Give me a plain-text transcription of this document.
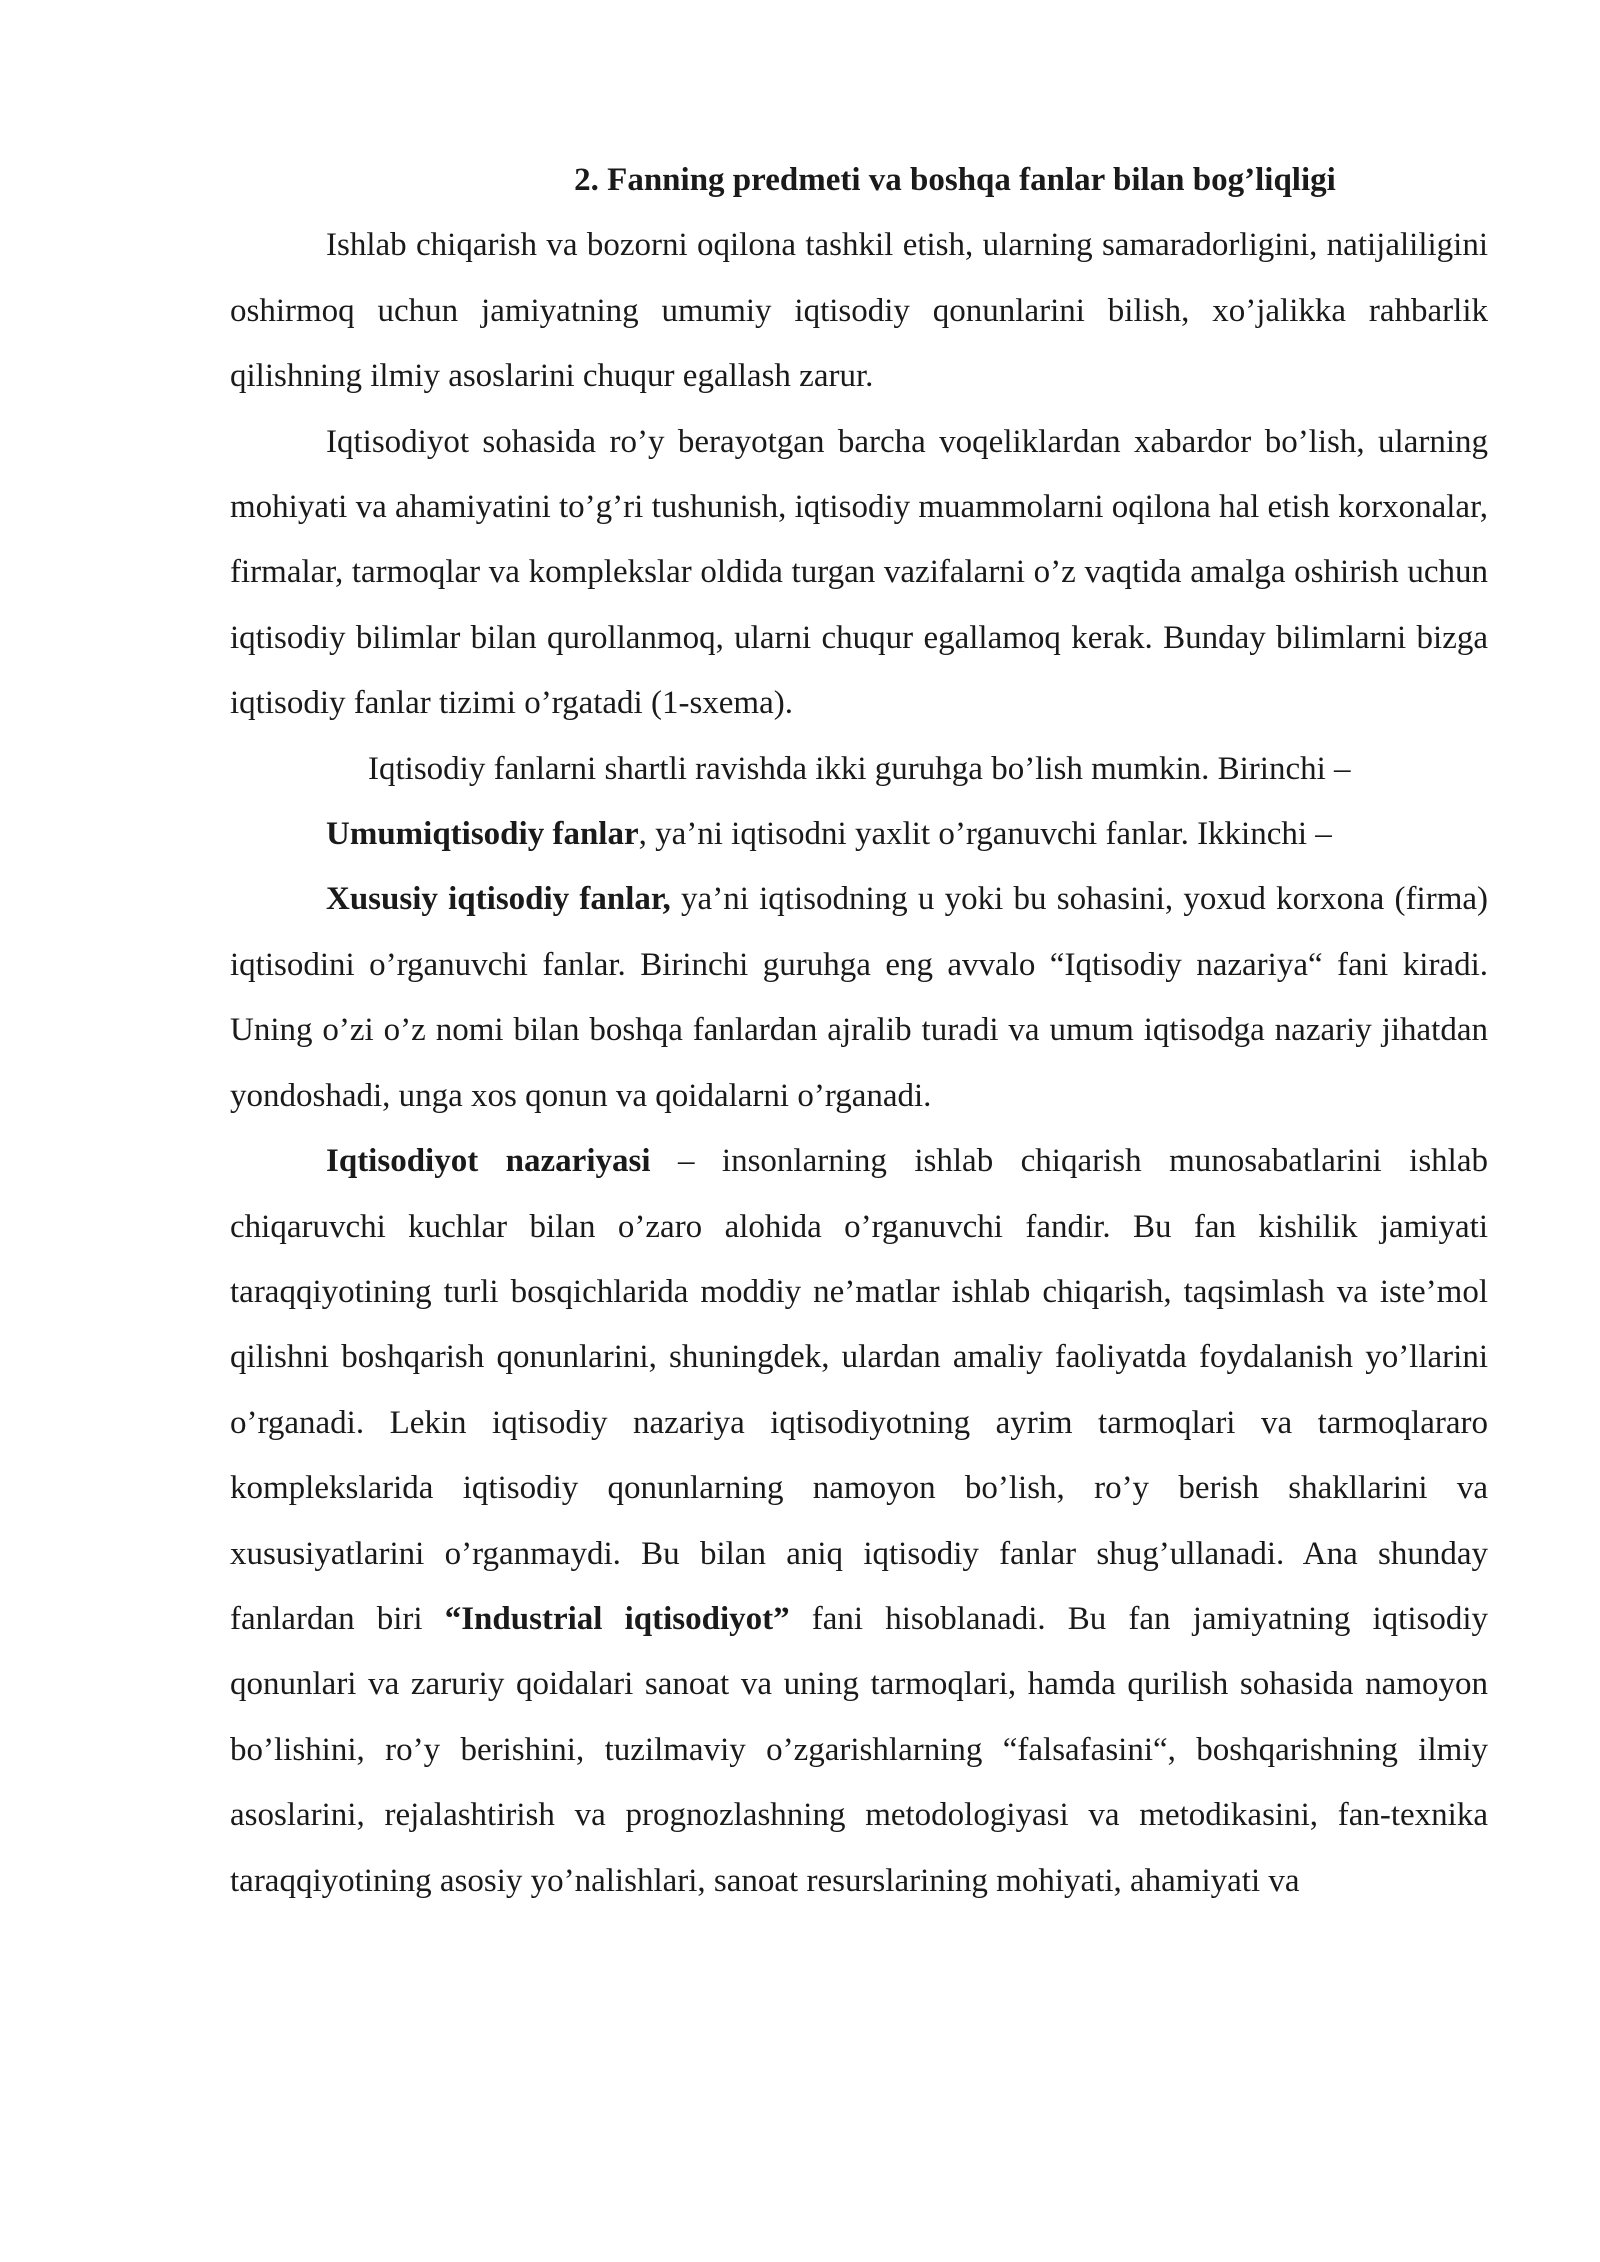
2. Fanning predmeti va boshqa fanlar bilan bog’liqligi

Ishlab chiqarish va bozorni oqilona tashkil etish, ularning samaradorligini, natijaliligini oshirmoq uchun jamiyatning umumiy iqtisodiy qonunlarini bilish, xo’jalikka rahbarlik qilishning ilmiy asoslarini chuqur egallash zarur.

Iqtisodiyot sohasida ro’y berayotgan barcha voqeliklardan xabardor bo’lish, ularning mohiyati va ahamiyatini to’g’ri tushunish, iqtisodiy muammolarni oqilona hal etish korxonalar, firmalar, tarmoqlar va komplekslar oldida turgan vazifalarni o’z vaqtida amalga oshirish uchun iqtisodiy bilimlar bilan qurollanmoq, ularni chuqur egallamoq kerak. Bunday bilimlarni bizga iqtisodiy fanlar tizimi o’rgatadi (1-sxema).

Iqtisodiy fanlarni shartli ravishda ikki guruhga bo’lish mumkin. Birinchi –

Umumiqtisodiy fanlar, ya’ni iqtisodni yaxlit o’rganuvchi fanlar. Ikkinchi –

Xususiy iqtisodiy fanlar, ya’ni iqtisodning u yoki bu sohasini, yoxud korxona (firma) iqtisodini o’rganuvchi fanlar. Birinchi guruhga eng avvalo “Iqtisodiy nazariya“ fani kiradi. Uning o’zi o’z nomi bilan boshqa fanlardan ajralib turadi va umum iqtisodga nazariy jihatdan yondoshadi, unga xos qonun va qoidalarni o’rganadi.

Iqtisodiyot nazariyasi – insonlarning ishlab chiqarish munosabatlarini ishlab chiqaruvchi kuchlar bilan o’zaro alohida o’rganuvchi fandir. Bu fan kishilik jamiyati taraqqiyotining turli bosqichlarida moddiy ne’matlar ishlab chiqarish, taqsimlash va iste’mol qilishni boshqarish qonunlarini, shuningdek, ulardan amaliy faoliyatda foydalanish yo’llarini o’rganadi. Lekin iqtisodiy nazariya iqtisodiyotning ayrim tarmoqlari va tarmoqlararo komplekslarida iqtisodiy qonunlarning namoyon bo’lish, ro’y berish shakllarini va xususiyatlarini o’rganmaydi. Bu bilan aniq iqtisodiy fanlar shug’ullanadi. Ana shunday fanlardan biri “Industrial iqtisodiyot” fani hisoblanadi. Bu fan jamiyatning iqtisodiy qonunlari va zaruriy qoidalari sanoat va uning tarmoqlari, hamda qurilish sohasida namoyon bo’lishini, ro’y berishini, tuzilmaviy o’zgarishlarning “falsafasini“, boshqarishning ilmiy asoslarini, rejalashtirish va prognozlashning metodologiyasi va metodikasini, fan-texnika taraqqiyotining asosiy yo’nalishlari, sanoat resurslarining mohiyati, ahamiyati va
